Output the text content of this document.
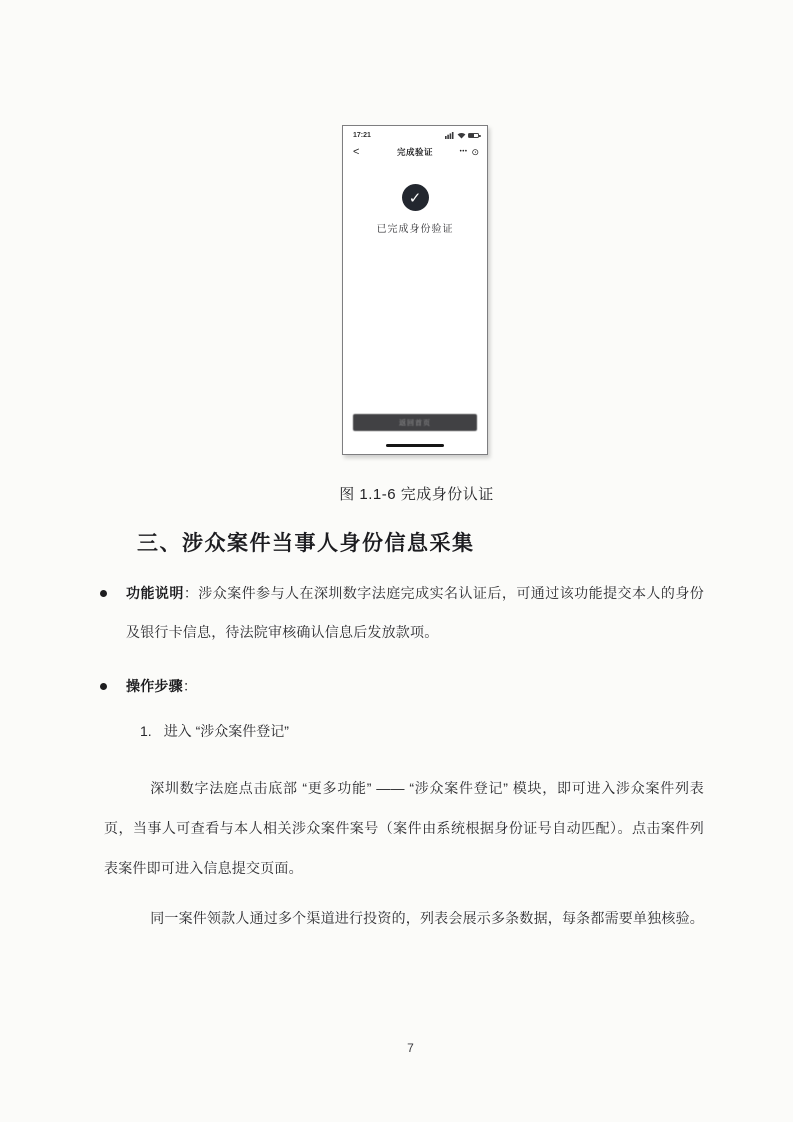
17:21
<	完成验证	••• ⊙
✓
已完成身份验证
返回首页
图 1.1-6 完成身份认证
三、涉众案件当事人身份信息采集
功能说明：涉众案件参与人在深圳数字法庭完成实名认证后，可通过该功能提交本人的身份及银行卡信息，待法院审核确认信息后发放款项。
操作步骤：
1. 进入 “涉众案件登记”

深圳数字法庭点击底部 “更多功能” —— “涉众案件登记” 模块，即可进入涉众案件列表页，当事人可查看与本人相关涉众案件案号（案件由系统根据身份证号自动匹配）。点击案件列表案件即可进入信息提交页面。

同一案件领款人通过多个渠道进行投资的，列表会展示多条数据，每条都需要单独核验。

7
